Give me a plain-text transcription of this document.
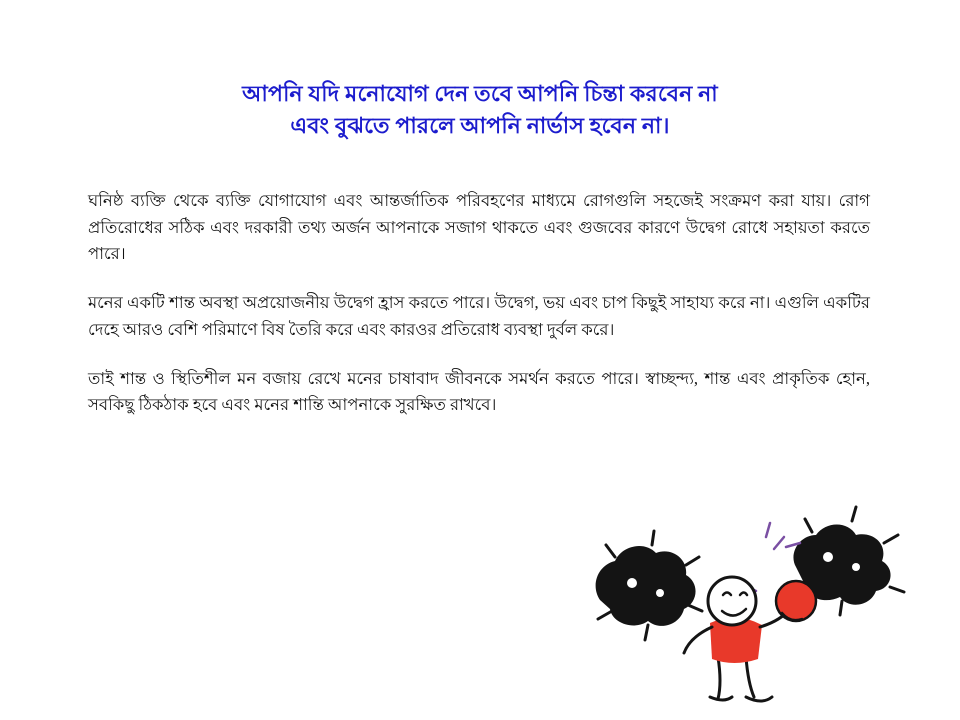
আপনি যদি মনোযোগ দেন তবে আপনি চিন্তা করবেন না
এবং বুঝতে পারলে আপনি নার্ভাস হবেন না।

ঘনিষ্ঠ ব্যক্তি থেকে ব্যক্তি যোগাযোগ এবং আন্তর্জাতিক পরিবহণের মাধ্যমে রোগগুলি সহজেই সংক্রমণ করা যায়। রোগ প্রতিরোধের সঠিক এবং দরকারী তথ্য অর্জন আপনাকে সজাগ থাকতে এবং গুজবের কারণে উদ্বেগ রোধে সহায়তা করতে পারে।

মনের একটি শান্ত অবস্থা অপ্রয়োজনীয় উদ্বেগ হ্রাস করতে পারে। উদ্বেগ, ভয় এবং চাপ কিছুই সাহায্য করে না। এগুলি একটির দেহে আরও বেশি পরিমাণে বিষ তৈরি করে এবং কারওর প্রতিরোধ ব্যবস্থা দুর্বল করে।

তাই শান্ত ও স্থিতিশীল মন বজায় রেখে মনের চাষাবাদ জীবনকে সমর্থন করতে পারে। স্বাচ্ছন্দ্য, শান্ত এবং প্রাকৃতিক হোন, সবকিছু ঠিকঠাক হবে এবং মনের শান্তি আপনাকে সুরক্ষিত রাখবে।
